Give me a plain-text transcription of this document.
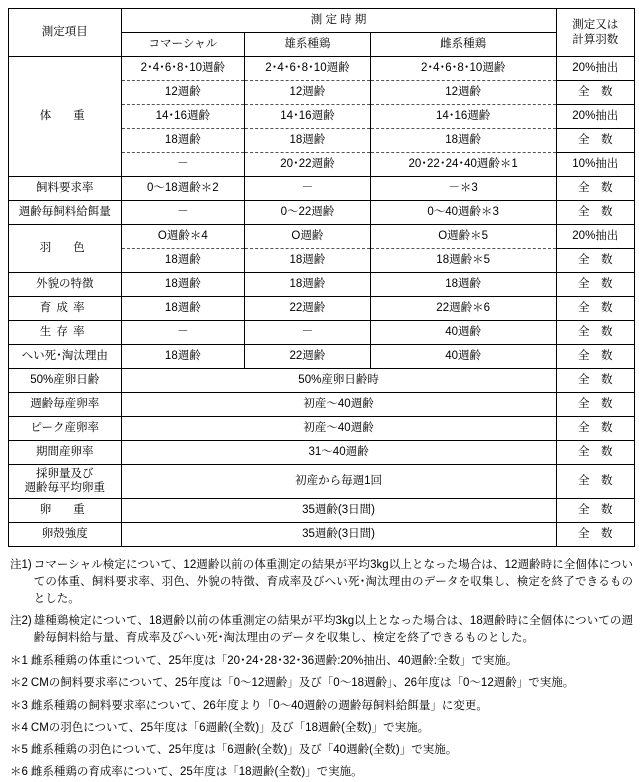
測定項目	測 定 時 期			測定又は
計算羽数

	コマーシャル	雄系種鶏	雌系種鶏	
体　重	2･4･6･8･10週齢	2･4･6･8･10週齢	2･4･6･8･10週齢	20%抽出
	12週齢	12週齢	12週齢	全　数
	14･16週齢	14･16週齢	14･16週齢	20%抽出
	18週齢	18週齢	18週齢	全　数
	－	20･22週齢	20･22･24･40週齢＊1	10%抽出
飼料要求率	0～18週齢＊2	－	－＊3	全　数
週齢毎飼料給餌量	－	0～22週齢	0～40週齢＊3	全　数
羽　色	O週齢＊4	O週齢	O週齢＊5	20%抽出
	18週齢	18週齢	18週齢＊5	全　数
外貌の特徴	18週齢	18週齢	18週齢	全　数
育成率	18週齢	22週齢	22週齢＊6	全　数
生存率	－	－	40週齢	全　数
へい死･淘汰理由	18週齢	22週齢	40週齢	全　数
50%産卵日齢	50%産卵日齢時			全　数
週齢毎産卵率	初産～40週齢			全　数
ピーク産卵率	初産～40週齢			全　数
期間産卵率	31～40週齢			全　数

採卵量及び
週齢毎平均卵重	初産から毎週1回			全　数
卵　重	35週齢(3日間)			全　数
卵殻強度	35週齢(3日間)			全　数
注1) コマーシャル検定について、12週齢以前の体重測定の結果が平均3kg以上となった場合は、12週齢時に全個体についての体重、飼料要求率、羽色、外貌の特徴、育成率及びへい死･淘汰理由のデータを収集し、検定を終了できるものとした。
注2) 雄種鶏検定について、18週齢以前の体重測定の結果が平均3kg以上となった場合は、18週齢時に全個体についての週齢毎飼料給与量、育成率及びへい死･淘汰理由のデータを収集し、検定を終了できるものとした。
＊1 雌系種鶏の体重について、25年度は「20･24･28･32･36週齢:20%抽出、40週齢:全数」で実施。
＊2 CMの飼料要求率について、25年度は「0～12週齢」及び「0～18週齢」、26年度は「0～12週齢」で実施。
＊3 雌系種鶏の飼料要求率について、26年度より「0～40週齢の週齢毎飼料給餌量」に変更。
＊4 CMの羽色について、25年度は「6週齢(全数)」及び「18週齢(全数)」で実施。
＊5 雌系種鶏の羽色について、25年度は「6週齢(全数)」及び「40週齢(全数)」で実施。
＊6 雌系種鶏の育成率について、25年度は「18週齢(全数)」で実施。
